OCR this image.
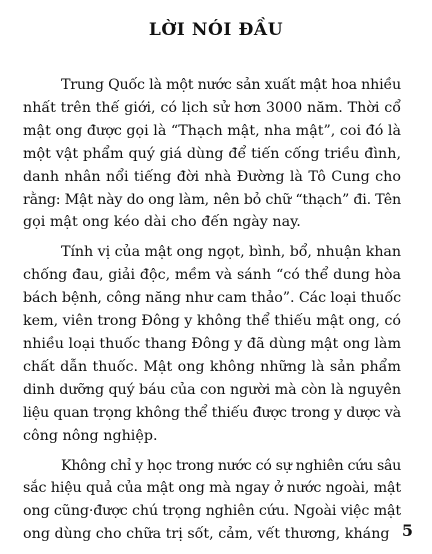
LỜI NÓI ĐẦU

Trung Quốc là một nước sản xuất mật hoa nhiều
nhất trên thế giới, có lịch sử hơn 3000 năm. Thời cổ
mật ong được gọi là “Thạch mật, nha mật”, coi đó là
một vật phẩm quý giá dùng để tiến cống triều đình,
danh nhân nổi tiếng đời nhà Đường là Tô Cung cho
rằng: Mật này do ong làm, nên bỏ chữ “thạch” đi. Tên
gọi mật ong kéo dài cho đến ngày nay.

Tính vị của mật ong ngọt, bình, bổ, nhuận khan
chống đau, giải độc, mềm và sánh “có thể dung hòa
bách bệnh, công năng như cam thảo”. Các loại thuốc
kem, viên trong Đông y không thể thiếu mật ong, có
nhiều loại thuốc thang Đông y đã dùng mật ong làm
chất dẫn thuốc. Mật ong không những là sản phẩm
dinh dưỡng quý báu của con người mà còn là nguyên
liệu quan trọng không thể thiếu được trong y dược và
công nông nghiệp.

Không chỉ y học trong nước có sự nghiên cứu sâu
sắc hiệu quả của mật ong mà ngay ở nước ngoài, mật
ong cũng·được chú trọng nghiên cứu. Ngoài việc mật
ong dùng cho chữa trị sốt, cảm, vết thương, kháng 5
